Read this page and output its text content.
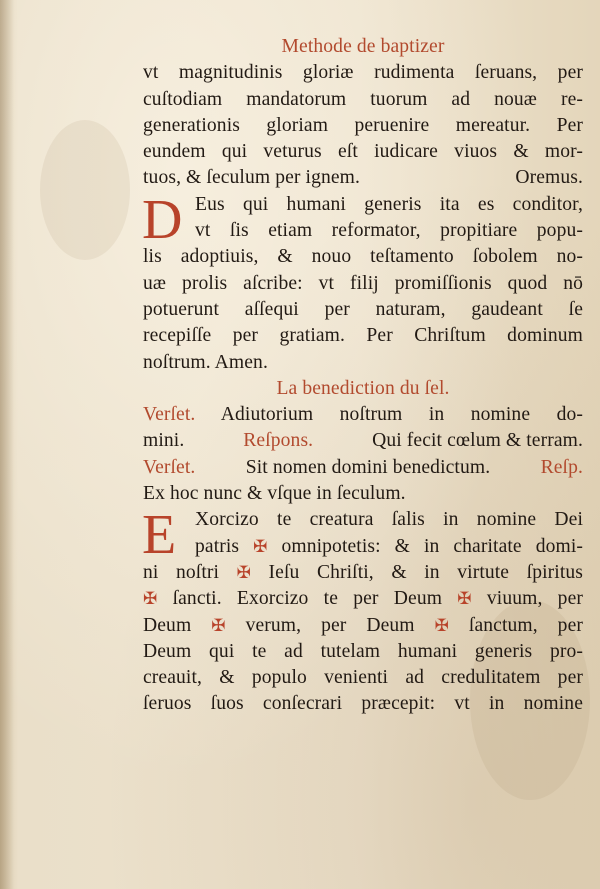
Methode de baptizer
vt magnitudinis gloriæ rudimenta ſeruans, per
cuſtodiam mandatorum tuorum ad nouæ re-
generationis gloriam peruenire mereatur. Per
eundem qui veturus eſt iudicare viuos & mor-
tuos, & ſeculum per ignem.	Oremus.
D Eus qui humani generis ita es conditor,
vt ſis etiam reformator, propitiare popu-
lis adoptiuis, & nouo teſtamento ſobolem no-
uæ prolis aſcribe: vt filij promiſſionis quod nō
potuerunt aſſequi per naturam, gaudeant ſe
recepiſſe per gratiam. Per Chriſtum dominum
noſtrum. Amen.
La benediction du ſel.
Verſet. Adiutorium noſtrum in nomine do-
mini.	Reſpons.	Qui fecit cœlum & terram.
Verſet.	Sit nomen domini benedictum.	Reſp.
Ex hoc nunc & vſque in ſeculum.
E Xorcizo te creatura ſalis in nomine Dei
patris ✠ omnipotetis: & in charitate domi-
ni noſtri ✠ Ieſu Chriſti, & in virtute ſpiritus
✠ ſancti. Exorcizo te per Deum ✠ viuum, per
Deum ✠ verum, per Deum ✠ ſanctum, per
Deum qui te ad tutelam humani generis pro-
creauit, & populo venienti ad credulitatem per
ſeruos ſuos conſecrari præcepit: vt in nomine
